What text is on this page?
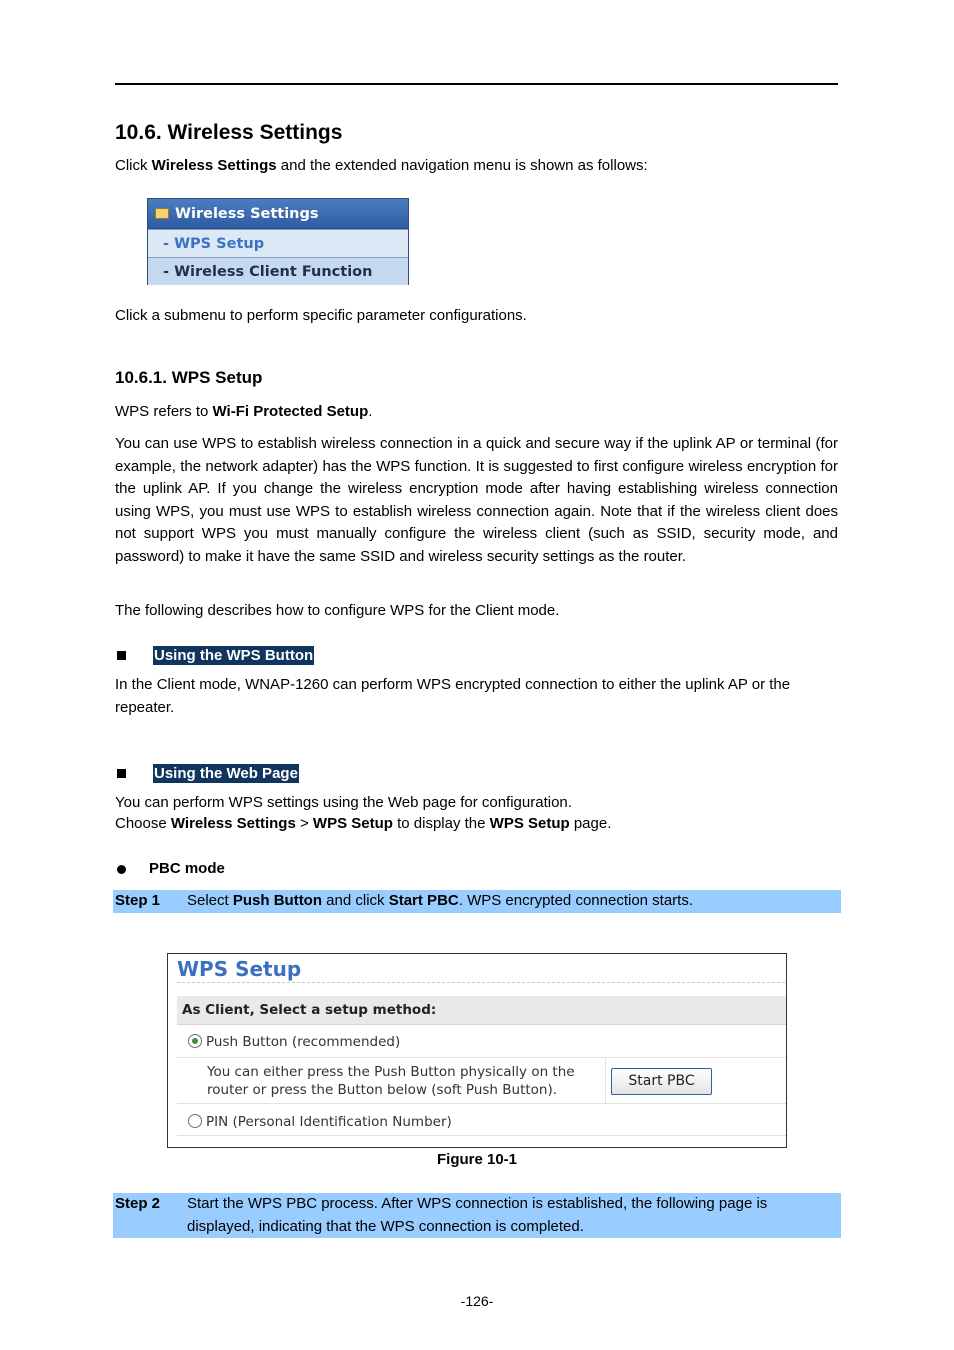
10.6. Wireless Settings
Click Wireless Settings and the extended navigation menu is shown as follows:
Wireless Settings
- WPS Setup
- Wireless Client Function
Click a submenu to perform specific parameter configurations.
10.6.1. WPS Setup
WPS refers to Wi-Fi Protected Setup.
You can use WPS to establish wireless connection in a quick and secure way if the uplink AP or terminal (for example, the network adapter) has the WPS function. It is suggested to first configure wireless encryption for the uplink AP. If you change the wireless encryption mode after having establishing wireless connection using WPS, you must use WPS to establish wireless connection again. Note that if the wireless client does not support WPS you must manually configure the wireless client (such as SSID, security mode, and password) to make it have the same SSID and wireless security settings as the router.
The following describes how to configure WPS for the Client mode.
Using the WPS Button
In the Client mode, WNAP-1260 can perform WPS encrypted connection to either the uplink AP or the repeater.
Using the Web Page
You can perform WPS settings using the Web page for configuration.
Choose Wireless Settings > WPS Setup to display the WPS Setup page.
PBC mode
Step 1 Select Push Button and click Start PBC. WPS encrypted connection starts.
WPS Setup
As Client, Select a setup method:
Push Button (recommended)
You can either press the Push Button physically on the router or press the Button below (soft Push Button).
Start PBC
PIN (Personal Identification Number)
Figure 10-1
Step 2 Start the WPS PBC process. After WPS connection is established, the following page is displayed, indicating that the WPS connection is completed.
-126-
